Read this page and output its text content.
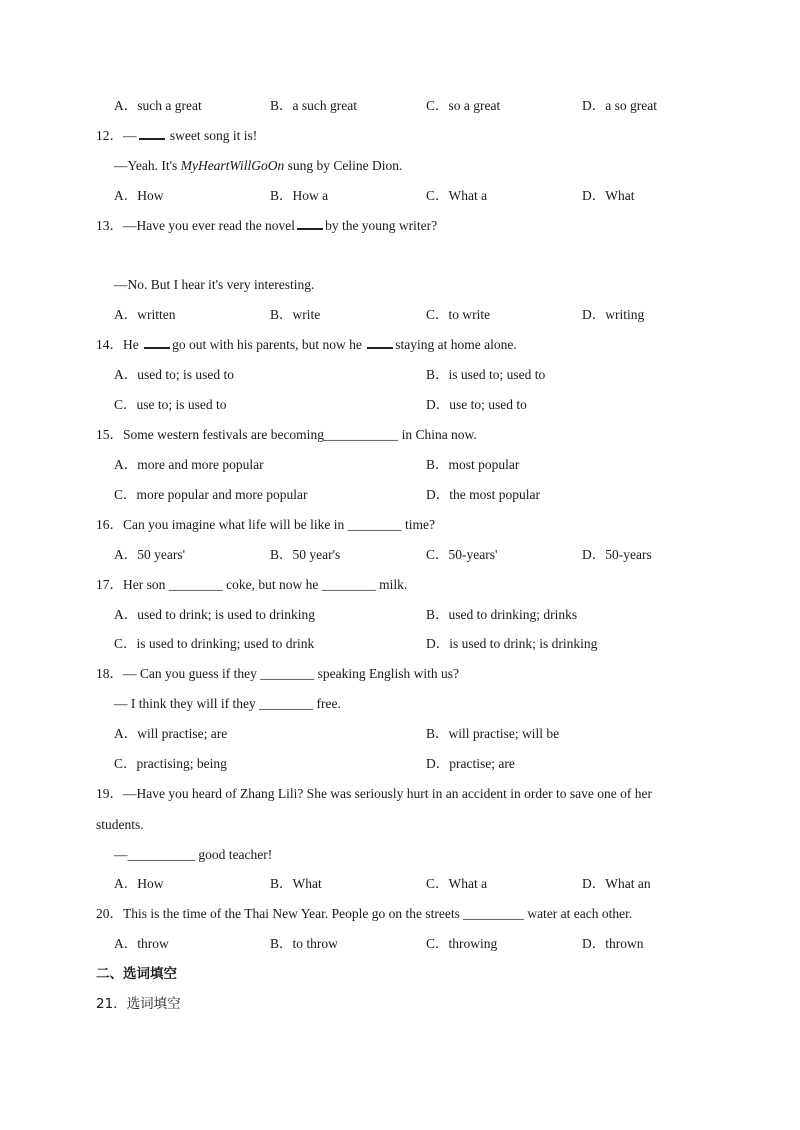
A．such a great	B．a such great	C．so a great	D．a so great
12．— sweet song it is!
—Yeah. It's MyHeartWillGoOn sung by Celine Dion.
A．How	B．How a	C．What a	D．What
13．—Have you ever read the novel by the young writer?
—No. But I hear it's very interesting.
A．written	B．write	C．to write	D．writing
14．He go out with his parents, but now he staying at home alone.
A．used to; is used to	B．is used to; used to
C．use to; is used to	D．use to; used to
15．Some western festivals are becoming___________ in China now.
A．more and more popular	B．most popular
C．more popular and more popular	D．the most popular
16．Can you imagine what life will be like in ________ time?
A．50 years'	B．50 year's	C．50-years'	D．50-years
17．Her son ________ coke, but now he ________ milk.
A．used to drink; is used to drinking	B．used to drinking; drinks
C．is used to drinking; used to drink	D．is used to drink; is drinking
18．— Can you guess if they ________ speaking English with us?
— I think they will if they ________ free.
A．will practise; are	B．will practise; will be
C．practising; being	D．practise; are
19．—Have you heard of Zhang Lili? She was seriously hurt in an accident in order to save one of her
students.
—__________ good teacher!
A．How	B．What	C．What a	D．What an
20．This is the time of the Thai New Year. People go on the streets _________ water at each other.
A．throw	B．to throw	C．throwing	D．thrown
二、选词填空
21．选词填空
